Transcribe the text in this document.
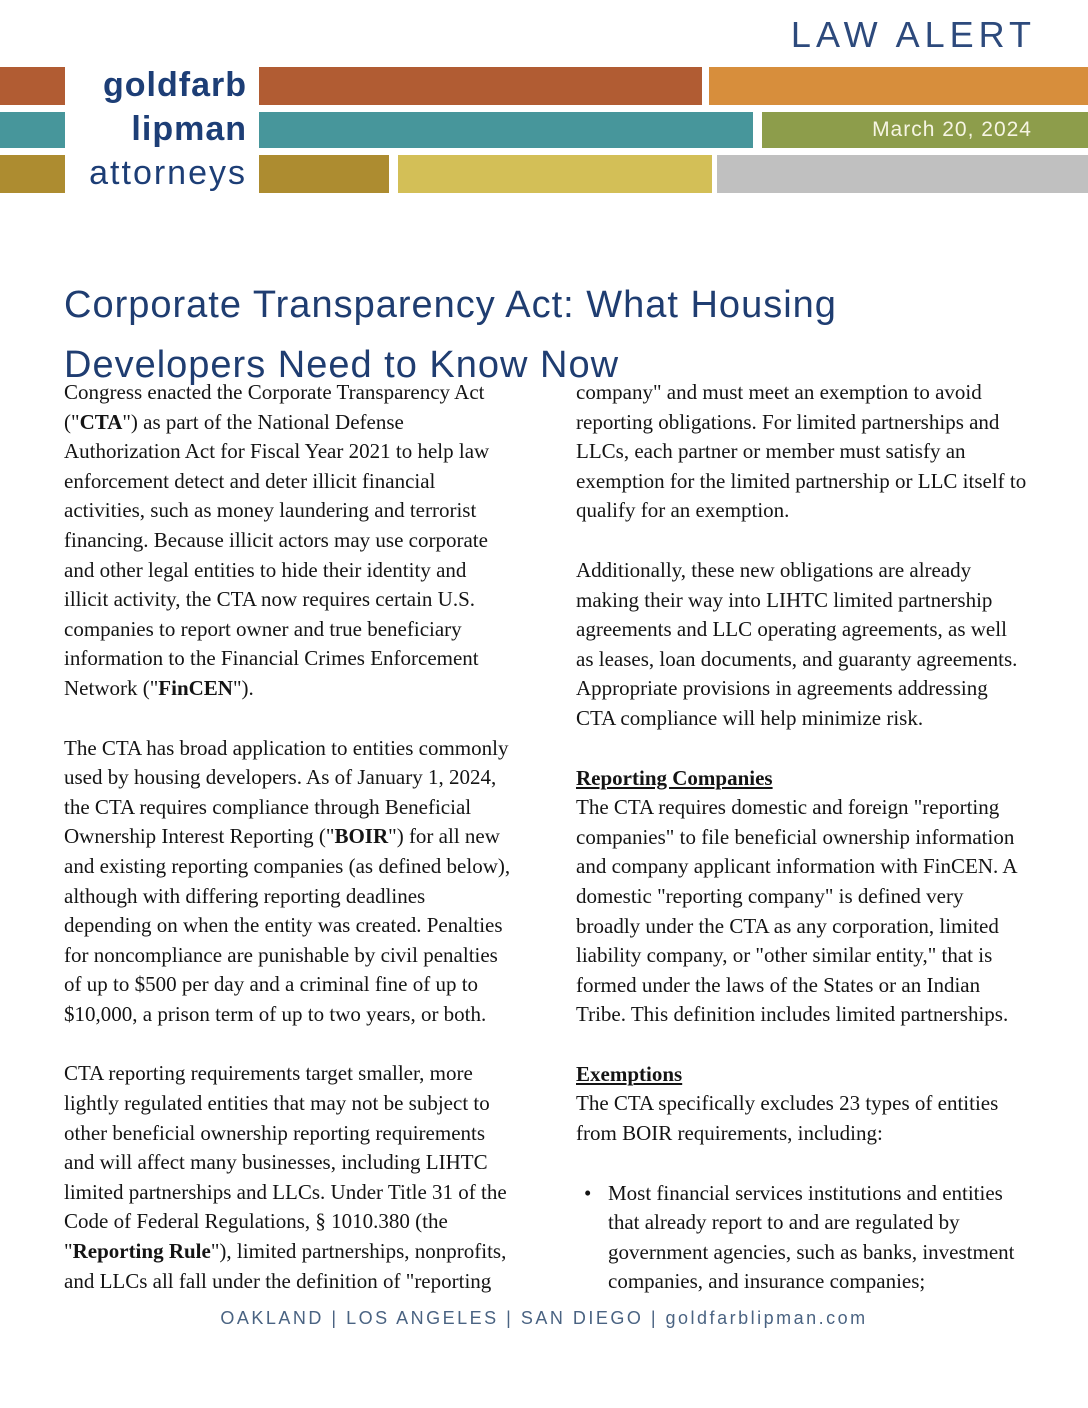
LAW ALERT
March 20, 2024
goldfarb
lipman
attorneys
Corporate Transparency Act: What Housing Developers Need to Know Now

Congress enacted the Corporate Transparency Act ("CTA") as part of the National Defense Authorization Act for Fiscal Year 2021 to help law enforcement detect and deter illicit financial activities, such as money laundering and terrorist financing. Because illicit actors may use corporate and other legal entities to hide their identity and illicit activity, the CTA now requires certain U.S. companies to report owner and true beneficiary information to the Financial Crimes Enforcement Network ("FinCEN").

The CTA has broad application to entities commonly used by housing developers. As of January 1, 2024, the CTA requires compliance through Beneficial Ownership Interest Reporting ("BOIR") for all new and existing reporting companies (as defined below), although with differing reporting deadlines depending on when the entity was created. Penalties for noncompliance are punishable by civil penalties of up to $500 per day and a criminal fine of up to $10,000, a prison term of up to two years, or both.

CTA reporting requirements target smaller, more lightly regulated entities that may not be subject to other beneficial ownership reporting requirements and will affect many businesses, including LIHTC limited partnerships and LLCs. Under Title 31 of the Code of Federal Regulations, § 1010.380 (the "Reporting Rule"), limited partnerships, nonprofits, and LLCs all fall under the definition of "reporting

company" and must meet an exemption to avoid reporting obligations. For limited partnerships and LLCs, each partner or member must satisfy an exemption for the limited partnership or LLC itself to qualify for an exemption.

Additionally, these new obligations are already making their way into LIHTC limited partnership agreements and LLC operating agreements, as well as leases, loan documents, and guaranty agreements. Appropriate provisions in agreements addressing CTA compliance will help minimize risk.

Reporting Companies

The CTA requires domestic and foreign "reporting companies" to file beneficial ownership information and company applicant information with FinCEN. A domestic "reporting company" is defined very broadly under the CTA as any corporation, limited liability company, or "other similar entity," that is formed under the laws of the States or an Indian Tribe. This definition includes limited partnerships.

Exemptions

The CTA specifically excludes 23 types of entities from BOIR requirements, including:

• Most financial services institutions and entities that already report to and are regulated by government agencies, such as banks, investment companies, and insurance companies;
OAKLAND | LOS ANGELES | SAN DIEGO | goldfarblipman.com
